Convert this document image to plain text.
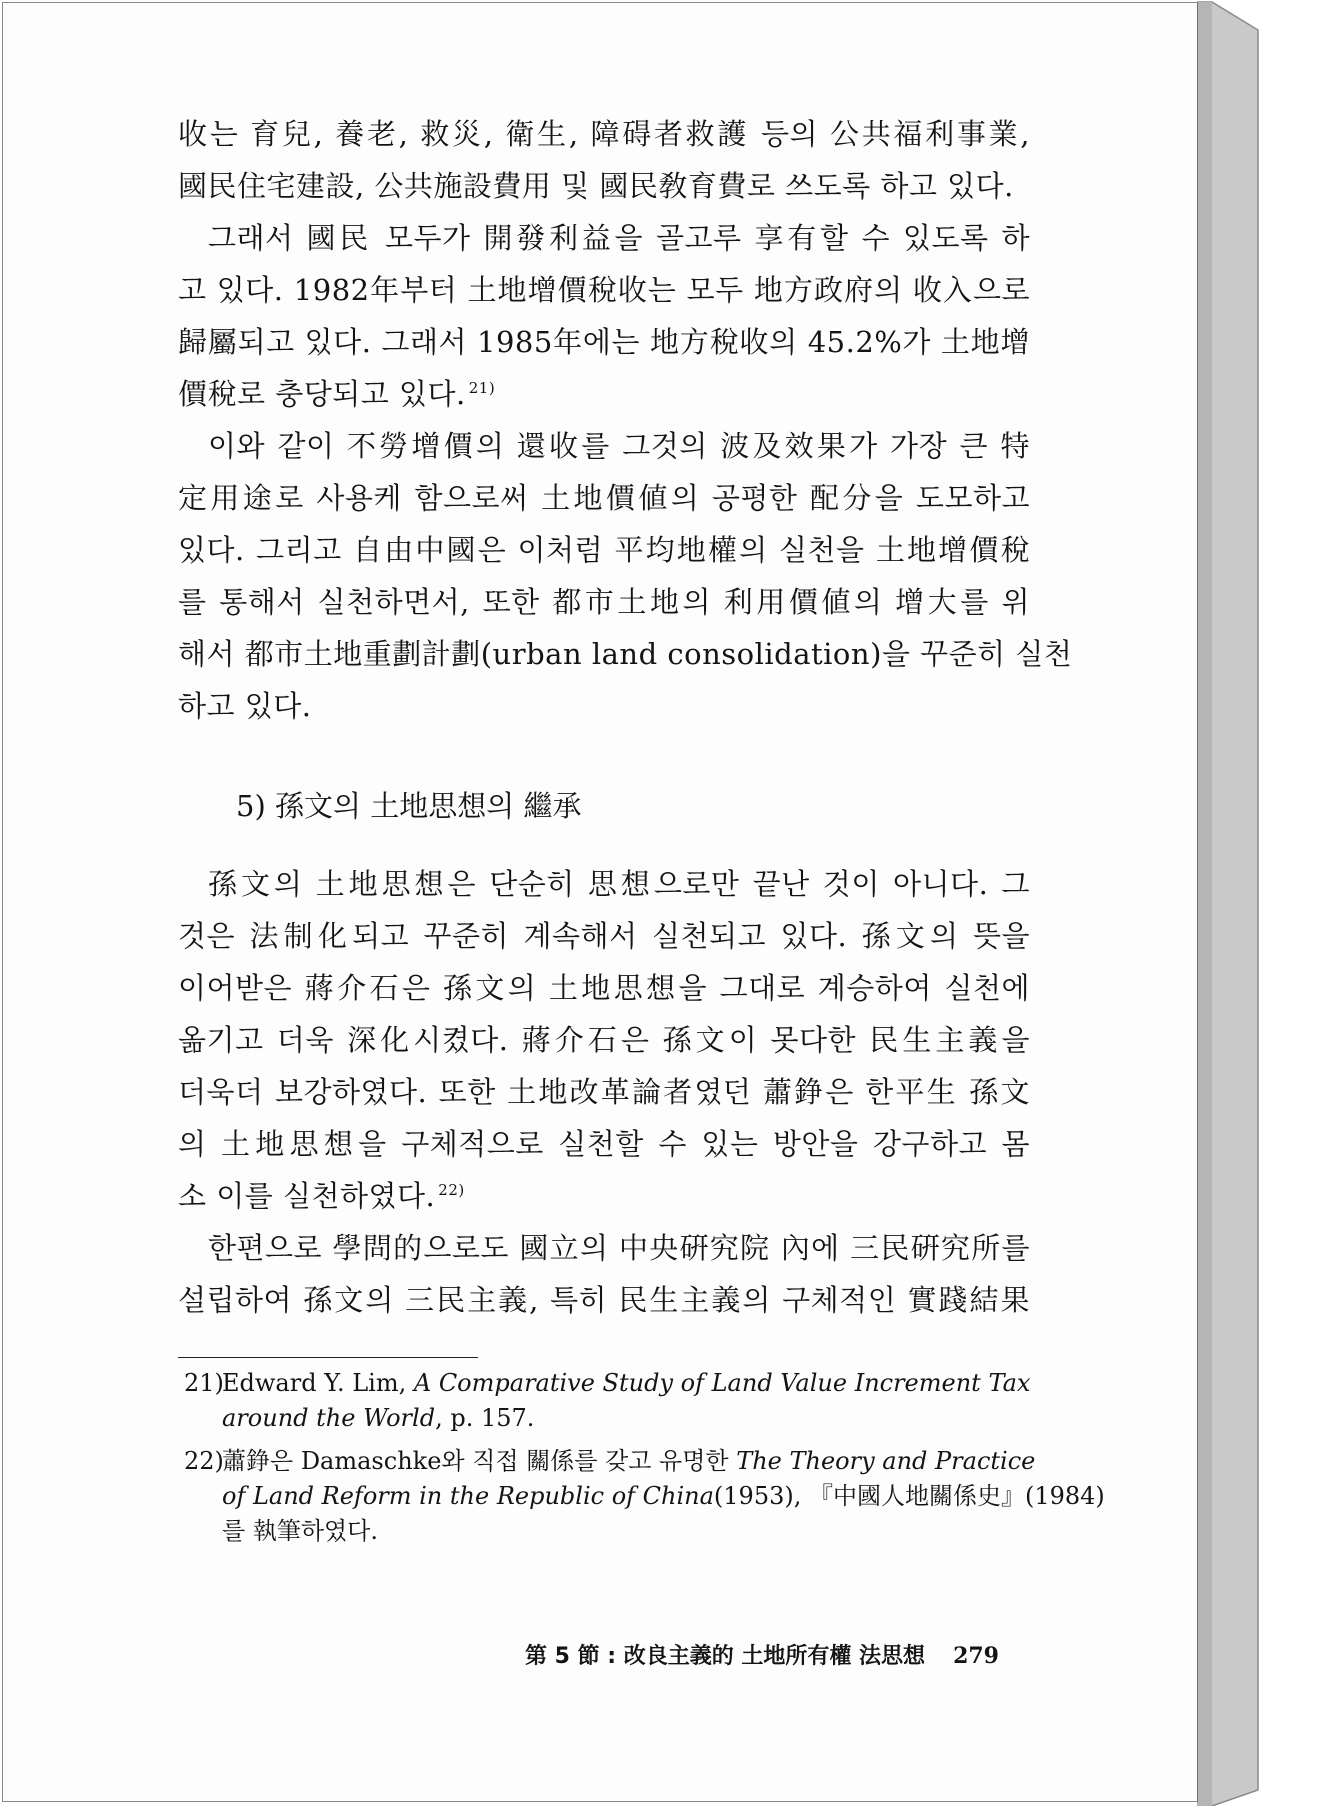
收는 育兒, 養老, 救災, 衛生, 障碍者救護 등의 公共福利事業,
國民住宅建設, 公共施設費用 및 國民敎育費로 쓰도록 하고 있다.
그래서 國民 모두가 開發利益을 골고루 享有할 수 있도록 하
고 있다. 1982年부터 土地增價稅收는 모두 地方政府의 收入으로
歸屬되고 있다. 그래서 1985年에는 地方稅收의 45.2%가 土地增
價稅로 충당되고 있다. $^{21)}$
이와 같이 不勞增價의 還收를 그것의 波及效果가 가장 큰 特
定用途로 사용케 함으로써 土地價値의 공평한 配分을 도모하고
있다. 그리고 自由中國은 이처럼 平均地權의 실천을 土地增價稅
를 통해서 실천하면서, 또한 都市土地의 利用價値의 增大를 위
해서 都市土地重劃計劃(urban land consolidation)을 꾸준히 실천
하고 있다.
5) 孫文의 土地思想의 繼承
孫文의 土地思想은 단순히 思想으로만 끝난 것이 아니다. 그
것은 法制化되고 꾸준히 계속해서 실천되고 있다. 孫文의 뜻을
이어받은 蔣介石은 孫文의 土地思想을 그대로 계승하여 실천에
옮기고 더욱 深化시켰다. 蔣介石은 孫文이 못다한 民生主義을
더욱더 보강하였다. 또한 土地改革論者였던 蕭錚은 한平生 孫文
의 土地思想을 구체적으로 실천할 수 있는 방안을 강구하고 몸
소 이를 실천하였다. $^{22)}$
한편으로 學問的으로도 國立의 中央硏究院 內에 三民硏究所를
설립하여 孫文의 三民主義, 특히 民生主義의 구체적인 實踐結果
21)Edward Y. Lim, A Comparative Study of Land Value Increment Tax
around the World, p. 157.
22)蕭錚은 Damaschke와 직접 關係를 갖고 유명한 The Theory and Practice
of Land Reform in the Republic of China(1953), 『中國人地關係史』(1984)
를 執筆하였다.
第 5 節 : 改良主義的 土地所有權 法思想 279
